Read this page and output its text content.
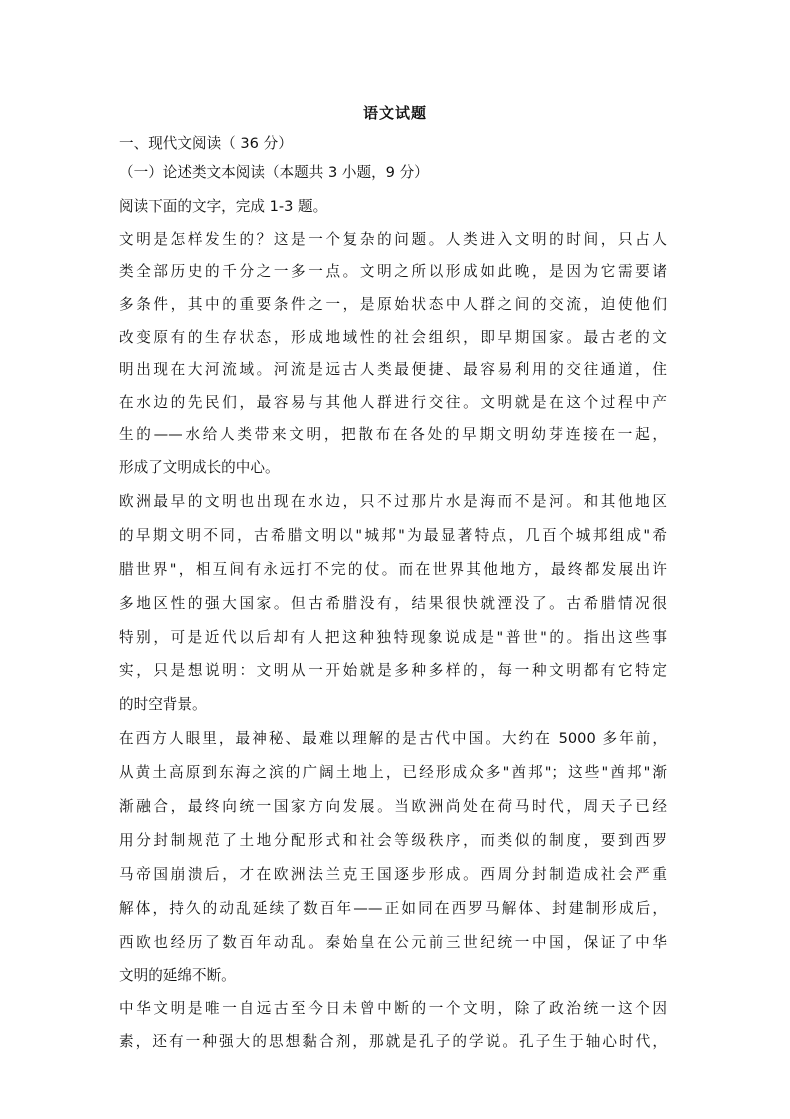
语文试题
一、现代文阅读（ 36 分）
（一）论述类文本阅读（本题共 3 小题，9 分）
阅读下面的文字，完成 1-3 题。
文明是怎样发生的？这是一个复杂的问题。人类进入文明的时间，只占人
类全部历史的千分之一多一点。文明之所以形成如此晚，是因为它需要诸
多条件，其中的重要条件之一，是原始状态中人群之间的交流，迫使他们
改变原有的生存状态，形成地域性的社会组织，即早期国家。最古老的文
明出现在大河流域。河流是远古人类最便捷、最容易利用的交往通道，住
在水边的先民们，最容易与其他人群进行交往。文明就是在这个过程中产
生的——水给人类带来文明，把散布在各处的早期文明幼芽连接在一起，
形成了文明成长的中心。
欧洲最早的文明也出现在水边，只不过那片水是海而不是河。和其他地区
的早期文明不同，古希腊文明以"城邦"为最显著特点，几百个城邦组成"希
腊世界"，相互间有永远打不完的仗。而在世界其他地方，最终都发展出许
多地区性的强大国家。但古希腊没有，结果很快就湮没了。古希腊情况很
特别，可是近代以后却有人把这种独特现象说成是"普世"的。指出这些事
实，只是想说明：文明从一开始就是多种多样的，每一种文明都有它特定
的时空背景。
在西方人眼里，最神秘、最难以理解的是古代中国。大约在 5000 多年前，
从黄土高原到东海之滨的广阔土地上，已经形成众多"酋邦"；这些"酋邦"渐
渐融合，最终向统一国家方向发展。当欧洲尚处在荷马时代，周天子已经
用分封制规范了土地分配形式和社会等级秩序，而类似的制度，要到西罗
马帝国崩溃后，才在欧洲法兰克王国逐步形成。西周分封制造成社会严重
解体，持久的动乱延续了数百年——正如同在西罗马解体、封建制形成后，
西欧也经历了数百年动乱。秦始皇在公元前三世纪统一中国，保证了中华
文明的延绵不断。
中华文明是唯一自远古至今日未曾中断的一个文明，除了政治统一这个因
素，还有一种强大的思想黏合剂，那就是孔子的学说。孔子生于轴心时代，
